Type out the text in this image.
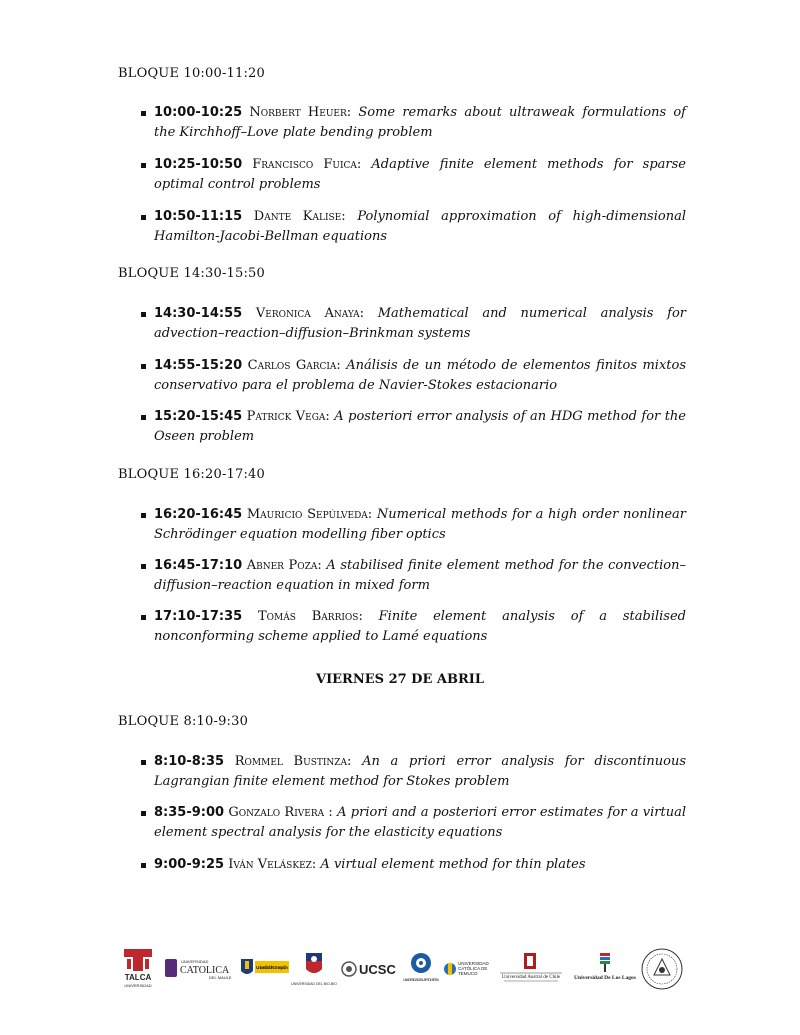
BLOQUE 10:00-11:20
10:00-10:25 Norbert Heuer: Some remarks about ultraweak formulations of the Kirchhoff–Love plate bending problem
10:25-10:50 Francisco Fuica: Adaptive finite element methods for sparse optimal control problems
10:50-11:15 Dante Kalise: Polynomial approximation of high-dimensional Hamilton-Jacobi-Bellman equations
BLOQUE 14:30-15:50
14:30-14:55 Veronica Anaya: Mathematical and numerical analysis for advection–reaction–diffusion–Brinkman systems
14:55-15:20 Carlos Garcia: Análisis de un método de elementos finitos mixtos conservativo para el problema de Navier-Stokes estacionario
15:20-15:45 Patrick Vega: A posteriori error analysis of an HDG method for the Oseen problem
BLOQUE 16:20-17:40
16:20-16:45 Mauricio Sepúlveda: Numerical methods for a high order nonlinear Schrödinger equation modelling fiber optics
16:45-17:10 Abner Poza: A stabilised finite element method for the convection–diffusion–reaction equation in mixed form
17:10-17:35 Tomás Barrios: Finite element analysis of a stabilised nonconforming scheme applied to Lamé equations
VIERNES 27 DE ABRIL
BLOQUE 8:10-9:30
8:10-8:35 Rommel Bustinza: An a priori error analysis for discontinuous Lagrangian finite element method for Stokes problem
8:35-9:00 Gonzalo Rivera : A priori and a posteriori error estimates for a virtual element spectral analysis for the elasticity equations
9:00-9:25 Iván Veláskez: A virtual element method for thin plates
TALCA
UNIVERSIDAD
UNIVERSIDAD
CATOLICA
DEL MAULE
Universidad de Concepción
UNIVERSIDAD DEL BIO-BIO
UCSC
UNIVERSIDAD DE LA FRONTERA
UNIVERSIDAD CATÓLICA DE TEMUCO
Universidad Austral de Chile	Universidad De Los Lagos
